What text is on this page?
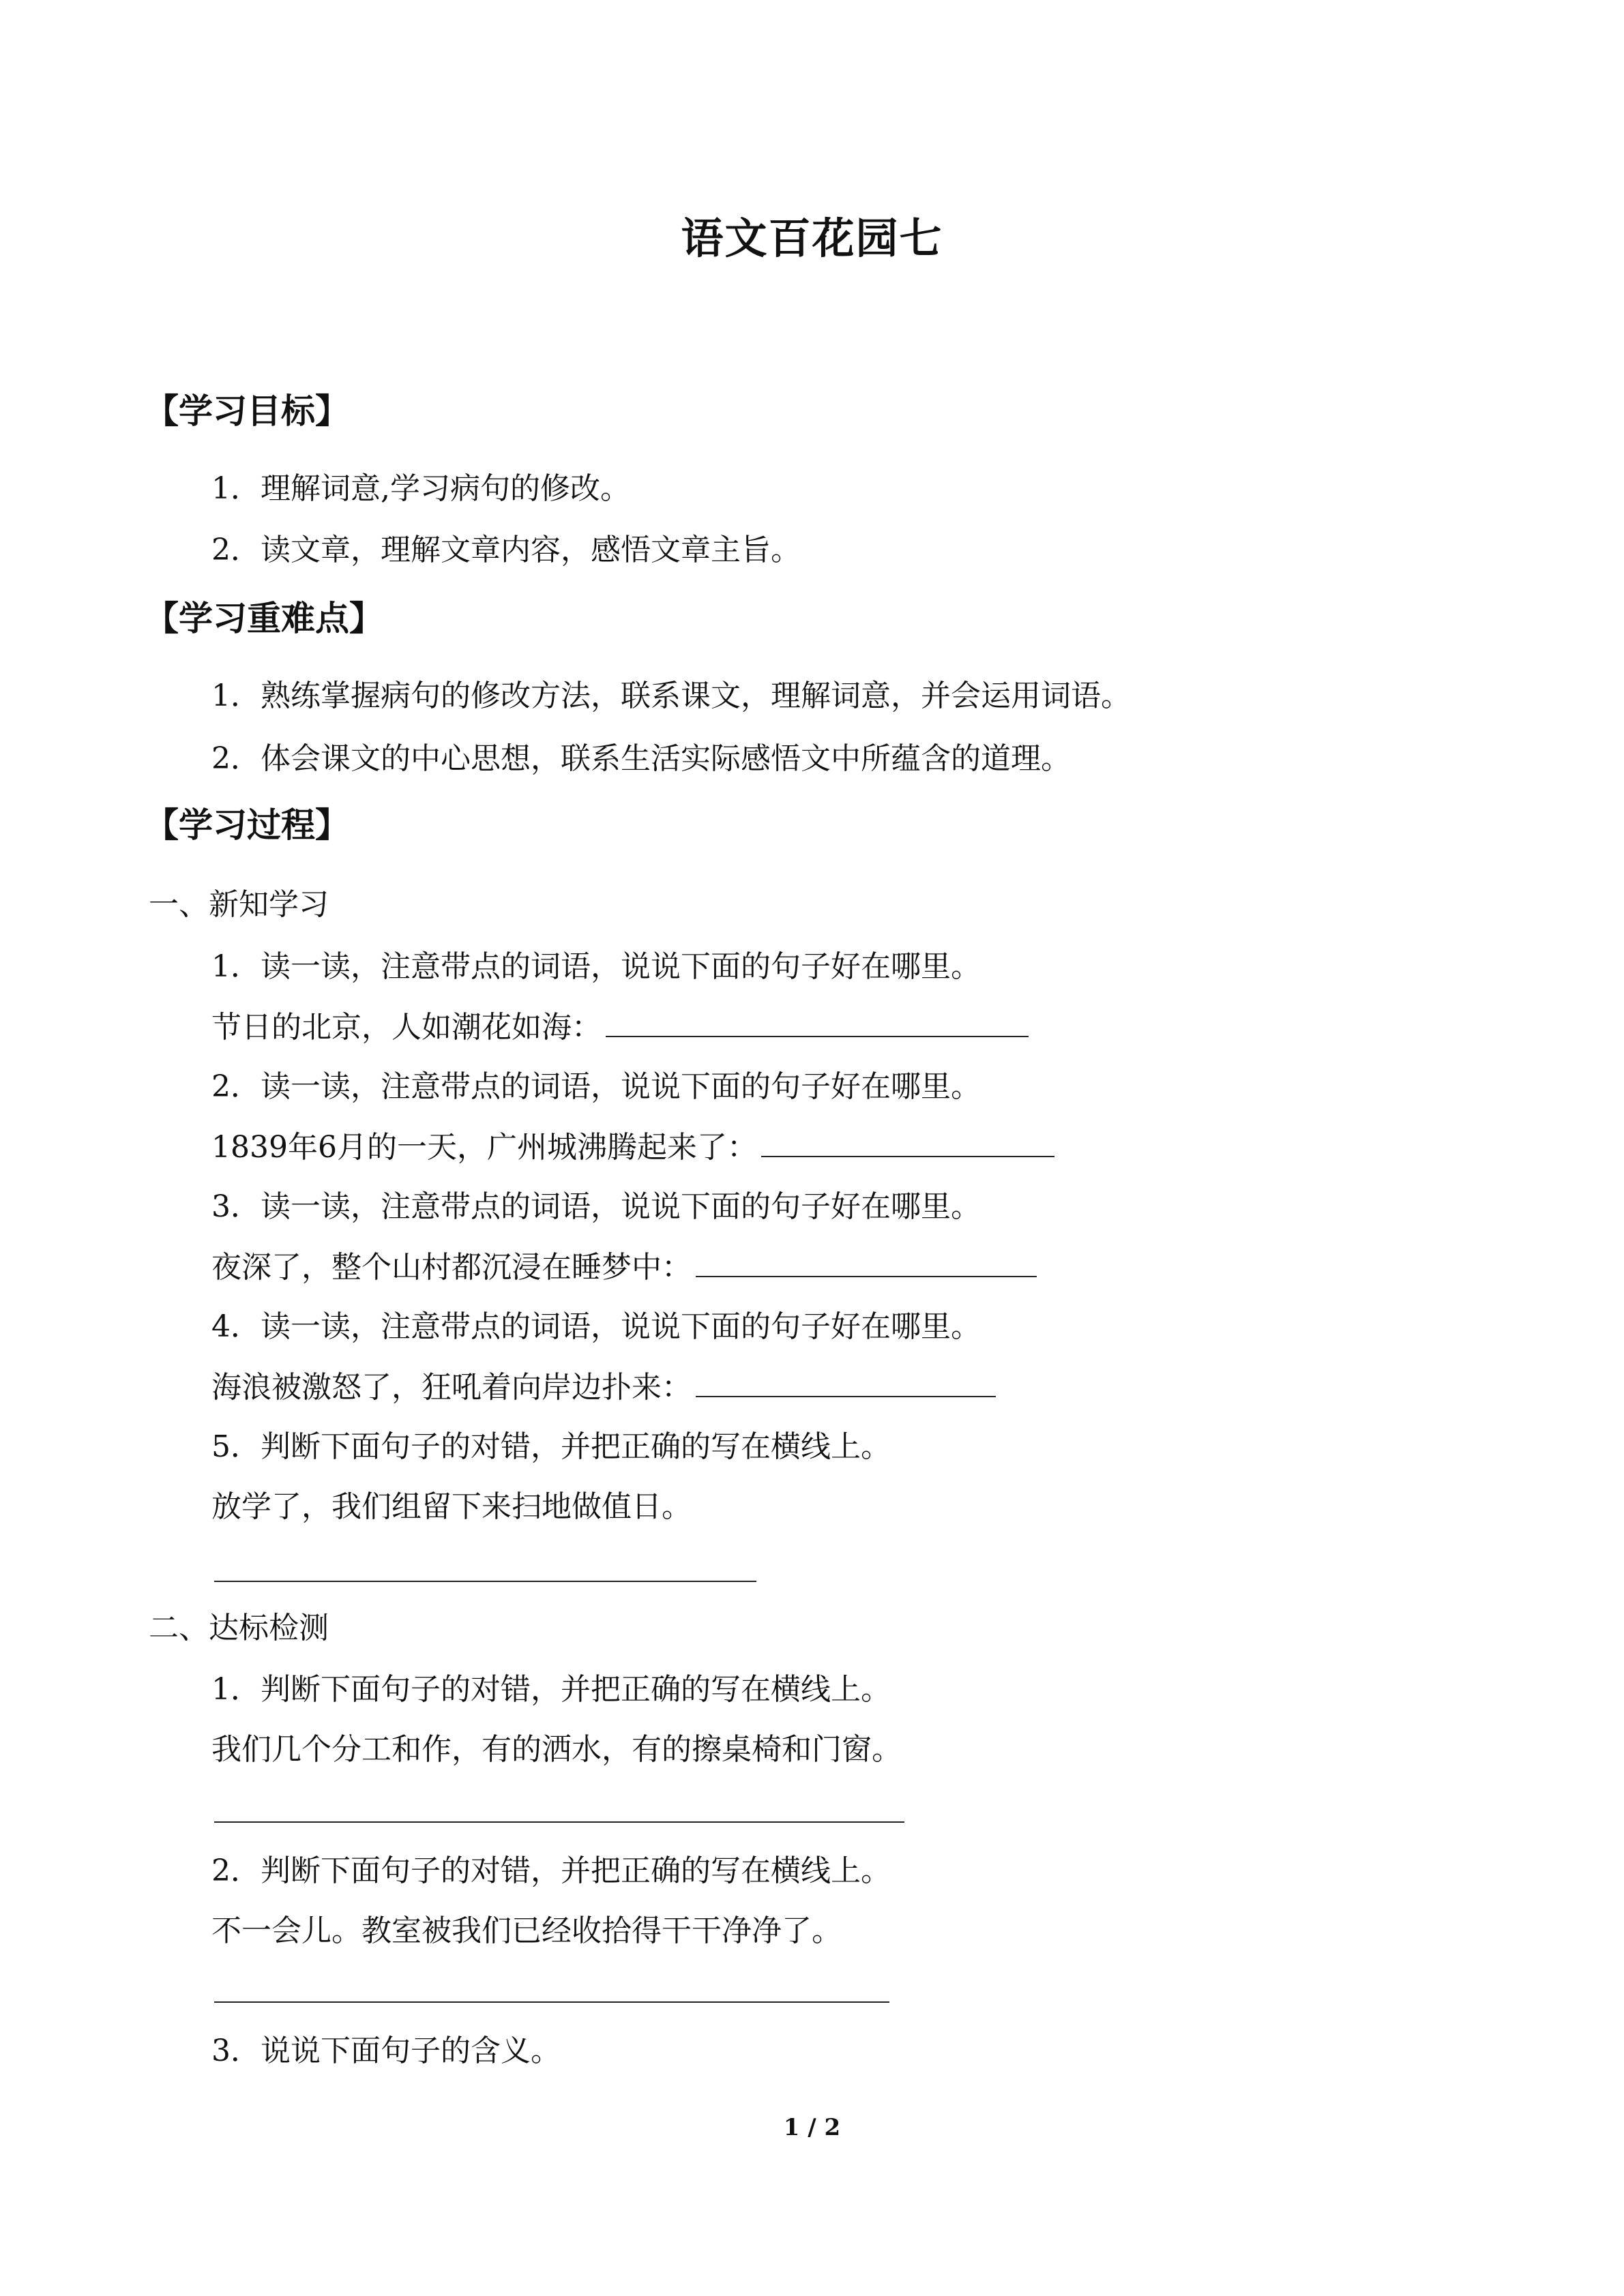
语文百花园七
【学习目标】
1．理解词意,学习病句的修改。
2．读文章，理解文章内容，感悟文章主旨。
【学习重难点】
1．熟练掌握病句的修改方法，联系课文，理解词意，并会运用词语。
2．体会课文的中心思想，联系生活实际感悟文中所蕴含的道理。
【学习过程】
一、新知学习
1．读一读，注意带点的词语，说说下面的句子好在哪里。
节日的北京，人如潮花如海：
2．读一读，注意带点的词语，说说下面的句子好在哪里。
1839年6月的一天，广州城沸腾起来了：
3．读一读，注意带点的词语，说说下面的句子好在哪里。
夜深了，整个山村都沉浸在睡梦中：
4．读一读，注意带点的词语，说说下面的句子好在哪里。
海浪被激怒了，狂吼着向岸边扑来：
5．判断下面句子的对错，并把正确的写在横线上。
放学了，我们组留下来扫地做值日。
二、达标检测
1．判断下面句子的对错，并把正确的写在横线上。
我们几个分工和作，有的洒水，有的擦桌椅和门窗。
2．判断下面句子的对错，并把正确的写在横线上。
不一会儿。教室被我们已经收拾得干干净净了。
3．说说下面句子的含义。
1 / 2
